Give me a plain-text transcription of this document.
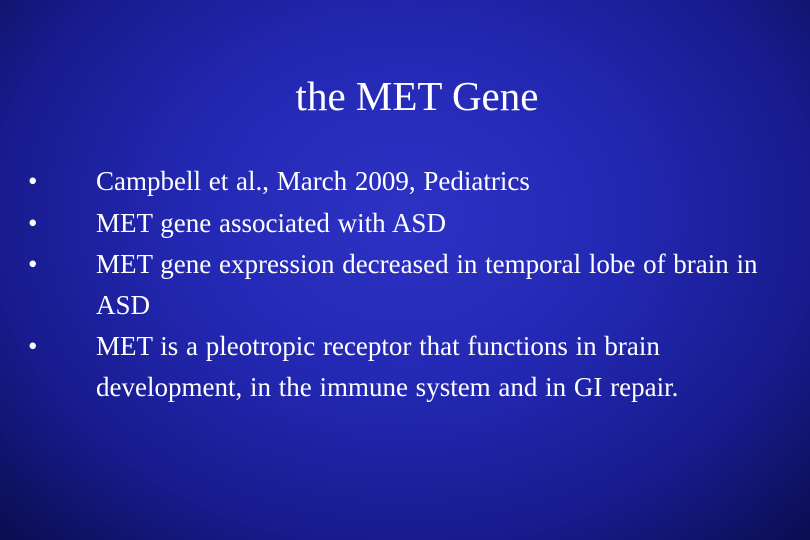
the MET Gene
•	Campbell et al., March 2009, Pediatrics
•	MET gene associated with ASD
•	MET gene expression decreased in temporal lobe of brain in ASD
•	MET is a pleotropic receptor that functions in brain development, in the immune system and in GI repair.
